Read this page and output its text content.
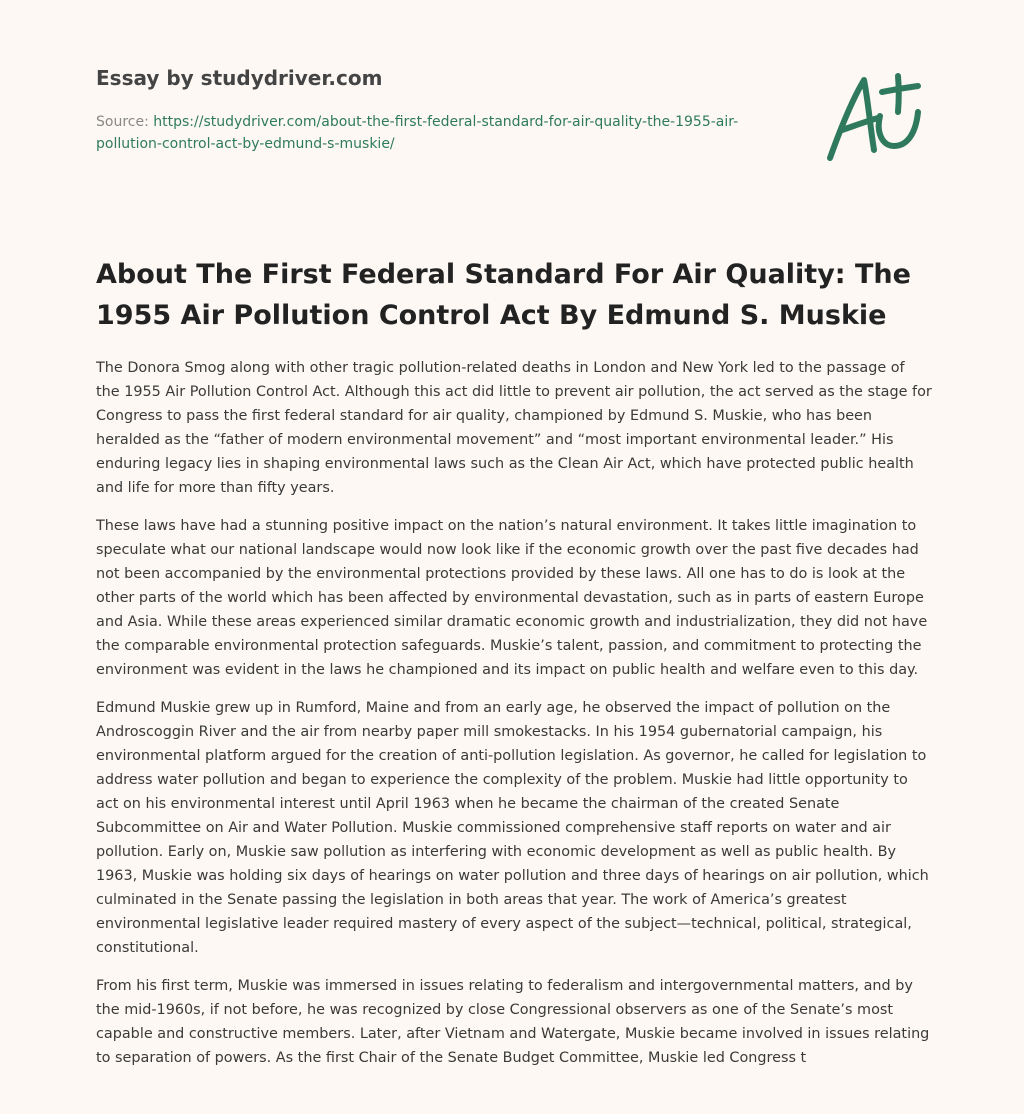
Essay by studydriver.com
Source: https://studydriver.com/about-the-first-federal-standard-for-air-quality-the-1955-air-pollution-control-act-by-edmund-s-muskie/
About The First Federal Standard For Air Quality: The 1955 Air Pollution Control Act By Edmund S. Muskie

The Donora Smog along with other tragic pollution-related deaths in London and New York led to the passage of the 1955 Air Pollution Control Act. Although this act did little to prevent air pollution, the act served as the stage for Congress to pass the first federal standard for air quality, championed by Edmund S. Muskie, who has been heralded as the “father of modern environmental movement” and “most important environmental leader.” His enduring legacy lies in shaping environmental laws such as the Clean Air Act, which have protected public health and life for more than fifty years.

These laws have had a stunning positive impact on the nation’s natural environment. It takes little imagination to speculate what our national landscape would now look like if the economic growth over the past five decades had not been accompanied by the environmental protections provided by these laws. All one has to do is look at the other parts of the world which has been affected by environmental devastation, such as in parts of eastern Europe and Asia. While these areas experienced similar dramatic economic growth and industrialization, they did not have the comparable environmental protection safeguards. Muskie’s talent, passion, and commitment to protecting the environment was evident in the laws he championed and its impact on public health and welfare even to this day.

Edmund Muskie grew up in Rumford, Maine and from an early age, he observed the impact of pollution on the Androscoggin River and the air from nearby paper mill smokestacks. In his 1954 gubernatorial campaign, his environmental platform argued for the creation of anti-pollution legislation. As governor, he called for legislation to address water pollution and began to experience the complexity of the problem. Muskie had little opportunity to act on his environmental interest until April 1963 when he became the chairman of the created Senate Subcommittee on Air and Water Pollution. Muskie commissioned comprehensive staff reports on water and air pollution. Early on, Muskie saw pollution as interfering with economic development as well as public health. By 1963, Muskie was holding six days of hearings on water pollution and three days of hearings on air pollution, which culminated in the Senate passing the legislation in both areas that year. The work of America’s greatest environmental legislative leader required mastery of every aspect of the subject—technical, political, strategical, constitutional.

From his first term, Muskie was immersed in issues relating to federalism and intergovernmental matters, and by the mid-1960s, if not before, he was recognized by close Congressional observers as one of the Senate’s most capable and constructive members. Later, after Vietnam and Watergate, Muskie became involved in issues relating to separation of powers. As the first Chair of the Senate Budget Committee, Muskie led Congress t
